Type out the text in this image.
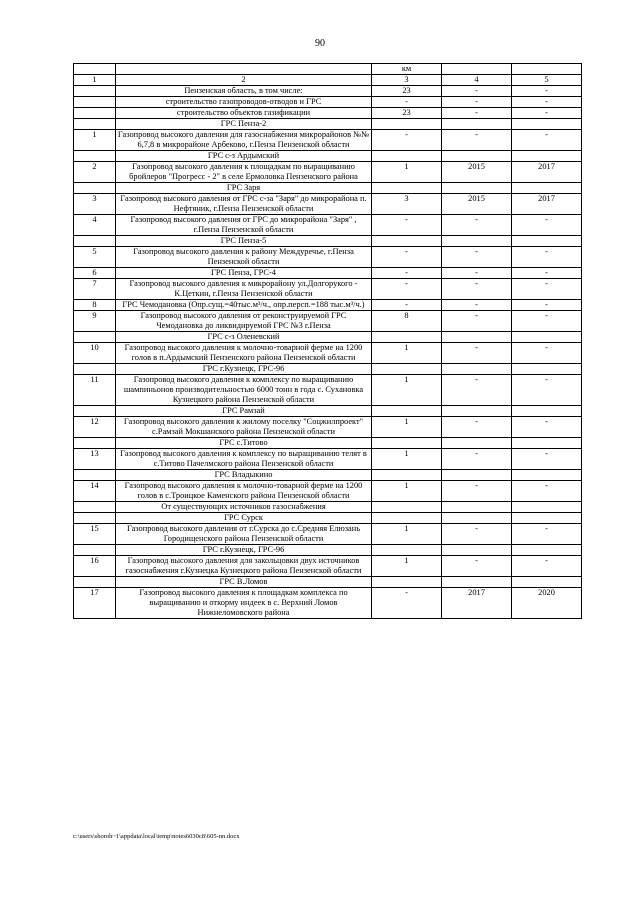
90
		км		
1	2	3	4	5
	Пензенская область, в том числе:	23	-	-
	строительство газопроводов-отводов и ГРС	-	-	-
	строительство объектов газификации	23	-	-
	ГРС Пенза-2			
1	Газопровод высокого давления для газоснабжения микрорайонов №№ 6,7,8 в микрорайоне Арбеково, г.Пенза Пензенской области	-	-	-
	ГРС с-з Ардымский			
2	Газопровод высокого давления к площадкам по выращиванию бройлеров "Прогресс - 2" в селе Ермоловка Пензенского района	1	2015	2017
	ГРС Заря			
3	Газопровод высокого давления от ГРС с-за "Заря" до микрорайона п. Нефтяник, г.Пенза Пензенской области	3	2015	2017
4	Газопровод высокого давления от ГРС до микрорайона "Заря" , г.Пенза Пензенской области	-	-	-
	ГРС Пенза-5			
5	Газопровод высокого давления к району Междуречье, г.Пенза Пензенской области	-	-	-
6	ГРС Пенза, ГРС-4	-	-	-
7	Газопровод высокого давления к микрорайону ул.Долгорукого - К.Цеткин, г.Пенза Пензенской области	-	-	-
8	ГРС Чемодановка (Опр.сущ.=40тыс.м³/ч., опр.персп.=188 тыс.м³/ч.)	-	-	-
9	Газопровод высокого давления от реконструируемой ГРС Чемодановка до ликвидируемой ГРС №3 г.Пенза	8	-	-
	ГРС с-з Оленевский			
10	Газопровод высокого давления к молочно-товарной ферме на 1200 голов в п.Ардымский Пензенского района Пензенской области	1	-	-
	ГРС г.Кузнецк, ГРС-96			
11	Газопровод высокого давления к комплексу по выращиванию шампиньонов производительностью 6000 тонн в года с. Сухановка Кузнецкого района Пензенской области	1	-	-
	ГРС Рамзай			
12	Газопровод высокого давления к жилому поселку "Соцжилпроект" с.Рамзай Мокшанского района Пензенской области	1	-	-
	ГРС с.Титово			
13	Газопровод высокого давления к комплексу по выращиванию телят в с.Титово Пачелмского района Пензенской области	1	-	-
	ГРС Владыкино			
14	Газопровод высокого давления к молочно-товарной ферме на 1200 голов в с.Троицкое Каменского района Пензенской области	1	-	-
	От существующих источников газоснабжения			
	ГРС Сурск			
15	Газопровод высокого давления от г.Сурска до с.Средняя Елюзань Городищенского района Пензенской области	1	-	-
	ГРС г.Кузнецк, ГРС-96			
16	Газопровод высокого давления для закольцовки двух источников газоснабжения г.Кузнецка Кузнецкого района Пензенской области	1	-	-
	ГРС В.Ломов			
17	Газопровод высокого давления к площадкам комплекса по выращиванию и откорму индеек в с. Верхний Ломов Нижнеломовского района	-	2017	2020
c:\users\shoroh~1\appdata\local\temp\notes6030c8\605-nn.docx
